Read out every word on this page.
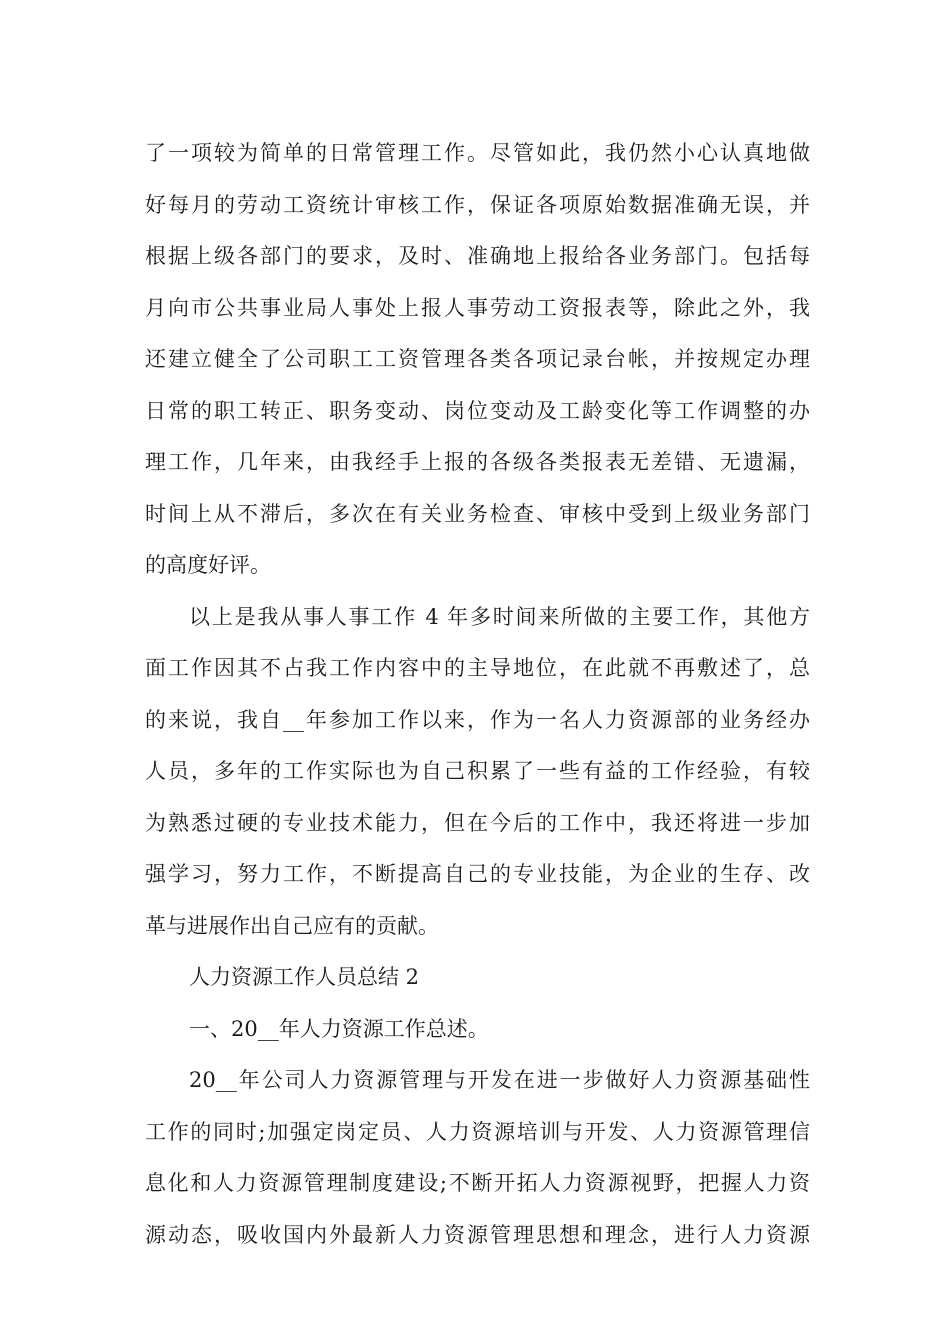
了一项较为简单的日常管理工作。尽管如此，我仍然小心认真地做
好每月的劳动工资统计审核工作，保证各项原始数据准确无误，并
根据上级各部门的要求，及时、准确地上报给各业务部门。包括每
月向市公共事业局人事处上报人事劳动工资报表等，除此之外，我
还建立健全了公司职工工资管理各类各项记录台帐，并按规定办理
日常的职工转正、职务变动、岗位变动及工龄变化等工作调整的办
理工作，几年来，由我经手上报的各级各类报表无差错、无遗漏，
时间上从不滞后，多次在有关业务检查、审核中受到上级业务部门
的高度好评。
以上是我从事人事工作 4 年多时间来所做的主要工作，其他方
面工作因其不占我工作内容中的主导地位，在此就不再敷述了，总
的来说，我自__年参加工作以来，作为一名人力资源部的业务经办
人员，多年的工作实际也为自己积累了一些有益的工作经验，有较
为熟悉过硬的专业技术能力，但在今后的工作中，我还将进一步加
强学习，努力工作，不断提高自己的专业技能，为企业的生存、改
革与进展作出自己应有的贡献。
人力资源工作人员总结 2
一、20__年人力资源工作总述。
20__年公司人力资源管理与开发在进一步做好人力资源基础性
工作的同时;加强定岗定员、人力资源培训与开发、人力资源管理信
息化和人力资源管理制度建设;不断开拓人力资源视野，把握人力资
源动态，吸收国内外最新人力资源管理思想和理念，进行人力资源
